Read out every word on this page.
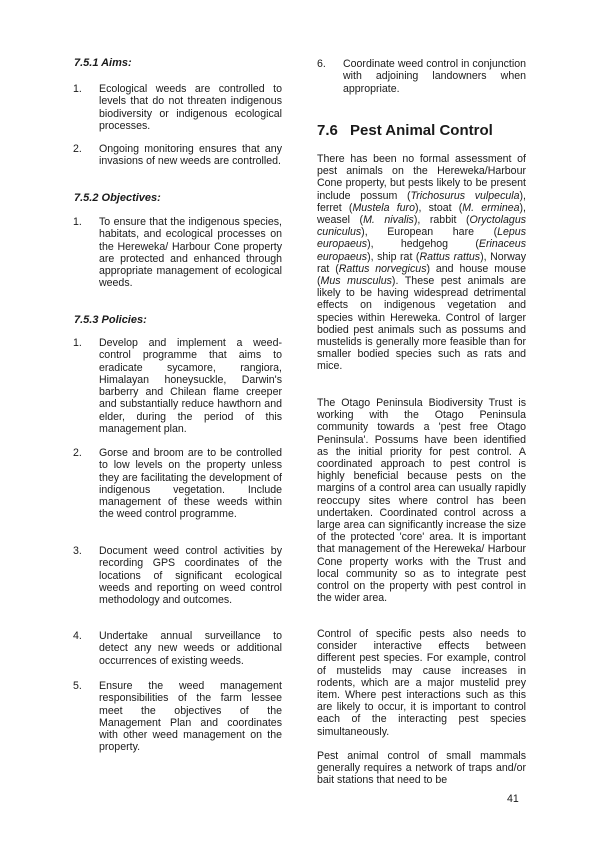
7.5.1 Aims:
1. Ecological weeds are controlled to levels that do not threaten indigenous biodiversity or indigenous ecological processes.
2. Ongoing monitoring ensures that any invasions of new weeds are controlled.
7.5.2 Objectives:
1. To ensure that the indigenous species, habitats, and ecological processes on the Hereweka/ Harbour Cone property are protected and enhanced through appropriate management of ecological weeds.
7.5.3 Policies:
1. Develop and implement a weed-control programme that aims to eradicate sycamore, rangiora, Himalayan honeysuckle, Darwin's barberry and Chilean flame creeper and substantially reduce hawthorn and elder, during the period of this management plan.
2. Gorse and broom are to be controlled to low levels on the property unless they are facilitating the development of indigenous vegetation. Include management of these weeds within the weed control programme.
3. Document weed control activities by recording GPS coordinates of the locations of significant ecological weeds and reporting on weed control methodology and outcomes.
4. Undertake annual surveillance to detect any new weeds or additional occurrences of existing weeds.
5. Ensure the weed management responsibilities of the farm lessee meet the objectives of the Management Plan and coordinates with other weed management on the property.
6. Coordinate weed control in conjunction with adjoining landowners when appropriate.
7.6 Pest Animal Control
There has been no formal assessment of pest animals on the Hereweka/Harbour Cone property, but pests likely to be present include possum (Trichosurus vulpecula), ferret (Mustela furo), stoat (M. erminea), weasel (M. nivalis), rabbit (Oryctolagus cuniculus), European hare (Lepus europaeus), hedgehog (Erinaceus europaeus), ship rat (Rattus rattus), Norway rat (Rattus norvegicus) and house mouse (Mus musculus). These pest animals are likely to be having widespread detrimental effects on indigenous vegetation and species within Hereweka. Control of larger bodied pest animals such as possums and mustelids is generally more feasible than for smaller bodied species such as rats and mice.
The Otago Peninsula Biodiversity Trust is working with the Otago Peninsula community towards a 'pest free Otago Peninsula'. Possums have been identified as the initial priority for pest control. A coordinated approach to pest control is highly beneficial because pests on the margins of a control area can usually rapidly reoccupy sites where control has been undertaken. Coordinated control across a large area can significantly increase the size of the protected 'core' area. It is important that management of the Hereweka/ Harbour Cone property works with the Trust and local community so as to integrate pest control on the property with pest control in the wider area.
Control of specific pests also needs to consider interactive effects between different pest species. For example, control of mustelids may cause increases in rodents, which are a major mustelid prey item. Where pest interactions such as this are likely to occur, it is important to control each of the interacting pest species simultaneously.
Pest animal control of small mammals generally requires a network of traps and/or bait stations that need to be
41
